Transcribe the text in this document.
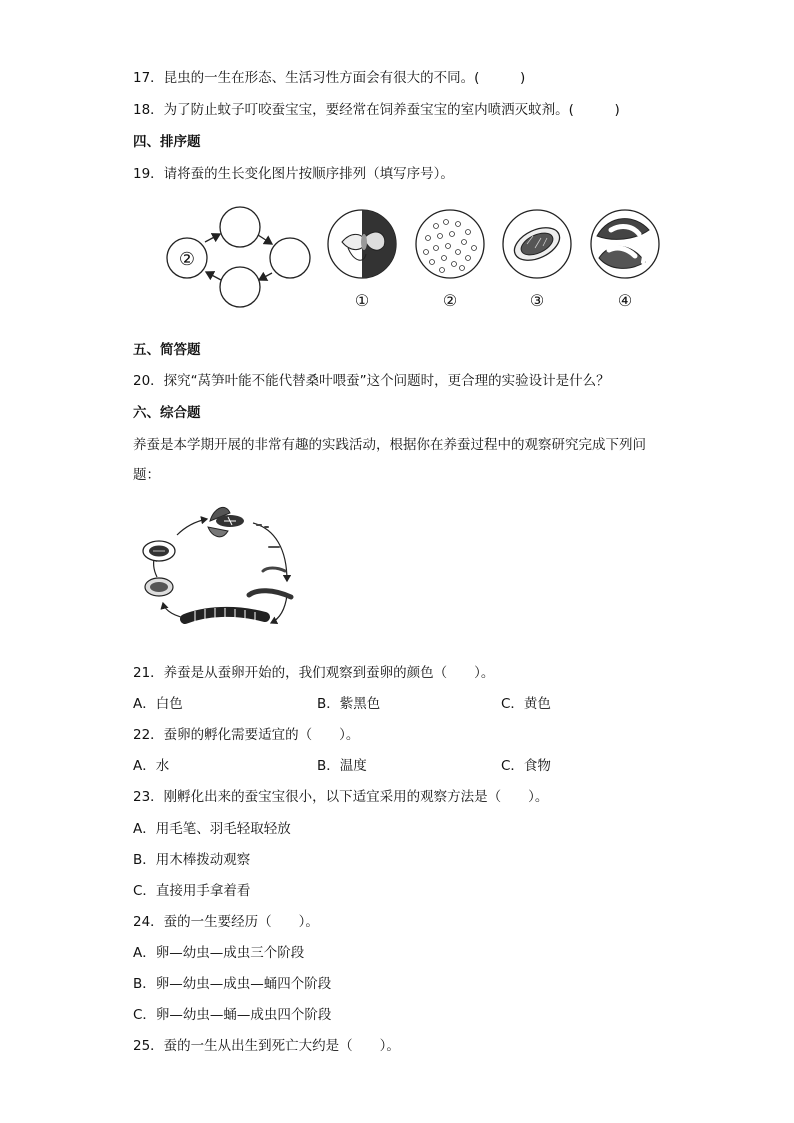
17．昆虫的一生在形态、生活习性方面会有很大的不同。(　　　)
18．为了防止蚊子叮咬蚕宝宝，要经常在饲养蚕宝宝的室内喷洒灭蚊剂。(　　　)
四、排序题
19．请将蚕的生长变化图片按顺序排列（填写序号）。
②
①	②	③	④
五、简答题
20．探究“莴笋叶能不能代替桑叶喂蚕”这个问题时，更合理的实验设计是什么？
六、综合题
养蚕是本学期开展的非常有趣的实践活动，根据你在养蚕过程中的观察研究完成下列问
题：
21．养蚕是从蚕卵开始的，我们观察到蚕卵的颜色（　　）。
A．白色	B．紫黑色	C．黄色
22．蚕卵的孵化需要适宜的（　　）。
A．水	B．温度	C．食物
23．刚孵化出来的蚕宝宝很小，以下适宜采用的观察方法是（　　）。
A．用毛笔、羽毛轻取轻放
B．用木棒拨动观察
C．直接用手拿着看
24．蚕的一生要经历（　　）。
A．卵—幼虫—成虫三个阶段
B．卵—幼虫—成虫—蛹四个阶段
C．卵—幼虫—蛹—成虫四个阶段
25．蚕的一生从出生到死亡大约是（　　）。
